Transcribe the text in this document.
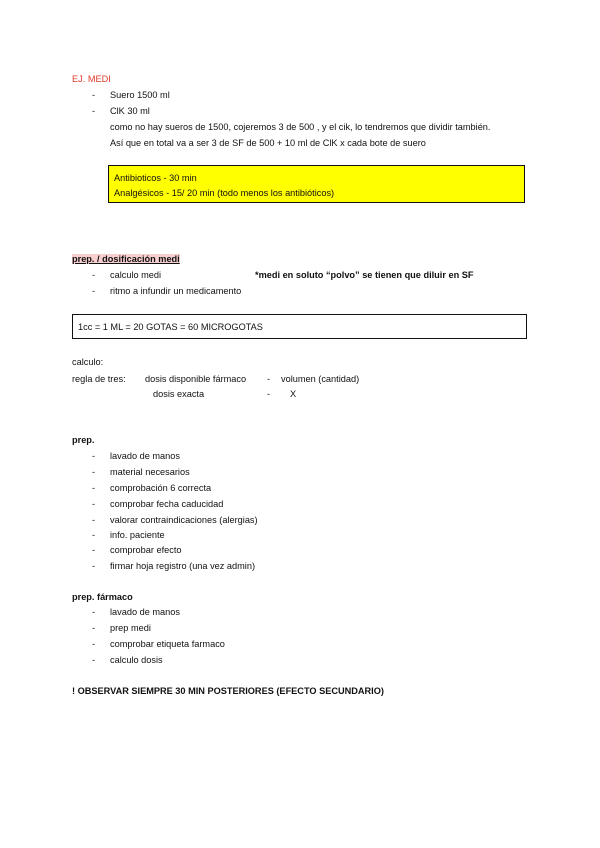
EJ. MEDI
- Suero 1500 ml
- ClK 30 ml
como no hay sueros de 1500, cojeremos 3 de 500 , y el cik, lo tendremos que dividir también.
Así que en total va a ser 3 de SF de 500 + 10 ml de ClK x cada bote de suero
Antibioticos - 30 min
Analgésicos - 15/ 20 min (todo menos los antibióticos)
prep. / dosificación medi
- calculo medi	*medi en soluto “polvo” se tienen que diluir en SF
- ritmo a infundir un medicamento
1cc = 1 ML = 20 GOTAS = 60 MICROGOTAS
calculo:
regla de tres: dosis disponible fármaco - volumen (cantidad)
dosis exacta	- X
prep.
- lavado de manos
- material necesarios
- comprobación 6 correcta
- comprobar fecha caducidad
- valorar contraindicaciones (alergias)
- info. paciente
- comprobar efecto
- firmar hoja registro (una vez admin)
prep. fármaco
- lavado de manos
- prep medi
- comprobar etiqueta farmaco
- calculo dosis
! OBSERVAR SIEMPRE 30 MIN POSTERIORES (EFECTO SECUNDARIO)
